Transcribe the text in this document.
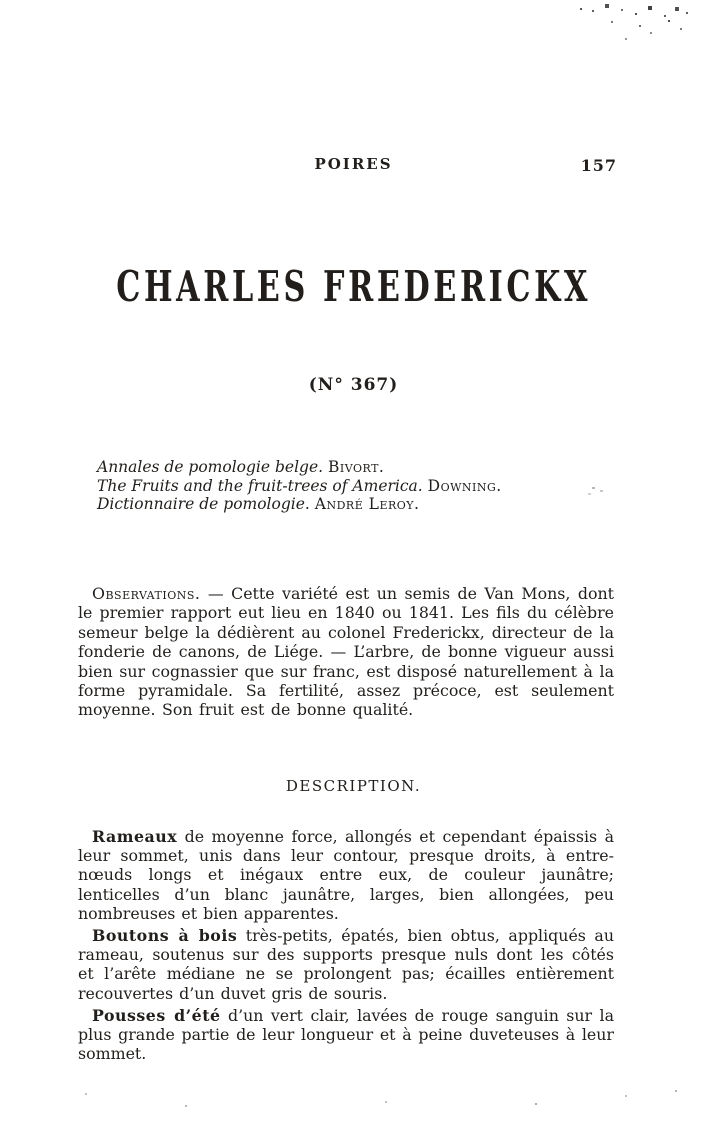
POIRES	157
CHARLES FREDERICKX
(N° 367)
Annales de pomologie belge. Bivort.
The Fruits and the fruit-trees of America. Downing.
Dictionnaire de pomologie. André Leroy.
Observations. — Cette variété est un semis de Van Mons, dont le premier rapport eut lieu en 1840 ou 1841. Les fils du célèbre semeur belge la dédièrent au colonel Frederickx, directeur de la fonderie de canons, de Liége. — L’arbre, de bonne vigueur aussi bien sur cognassier que sur franc, est disposé naturellement à la forme pyramidale. Sa fertilité, assez précoce, est seulement moyenne. Son fruit est de bonne qualité.
DESCRIPTION.

Rameaux de moyenne force, allongés et cependant épaissis à leur sommet, unis dans leur contour, presque droits, à entre-nœuds longs et inégaux entre eux, de couleur jaunâtre; lenticelles d’un blanc jaunâtre, larges, bien allongées, peu nombreuses et bien apparentes.

Boutons à bois très-petits, épatés, bien obtus, appliqués au rameau, soutenus sur des supports presque nuls dont les côtés et l’arête médiane ne se prolongent pas; écailles entièrement recouvertes d’un duvet gris de souris.

Pousses d’été d’un vert clair, lavées de rouge sanguin sur la plus grande partie de leur longueur et à peine duveteuses à leur sommet.
